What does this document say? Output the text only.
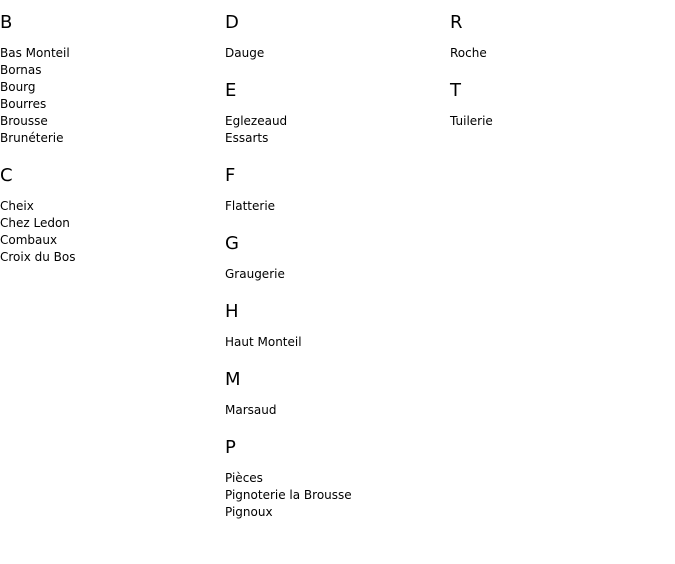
B
Bas Monteil
Bornas
Bourg
Bourres
Brousse
Brunéterie
C
Cheix
Chez Ledon
Combaux
Croix du Bos
D
Dauge
E
Eglezeaud
Essarts
F
Flatterie
G
Graugerie
H
Haut Monteil
M
Marsaud
P
Pièces
Pignoterie la Brousse
Pignoux
R
Roche
T
Tuilerie
